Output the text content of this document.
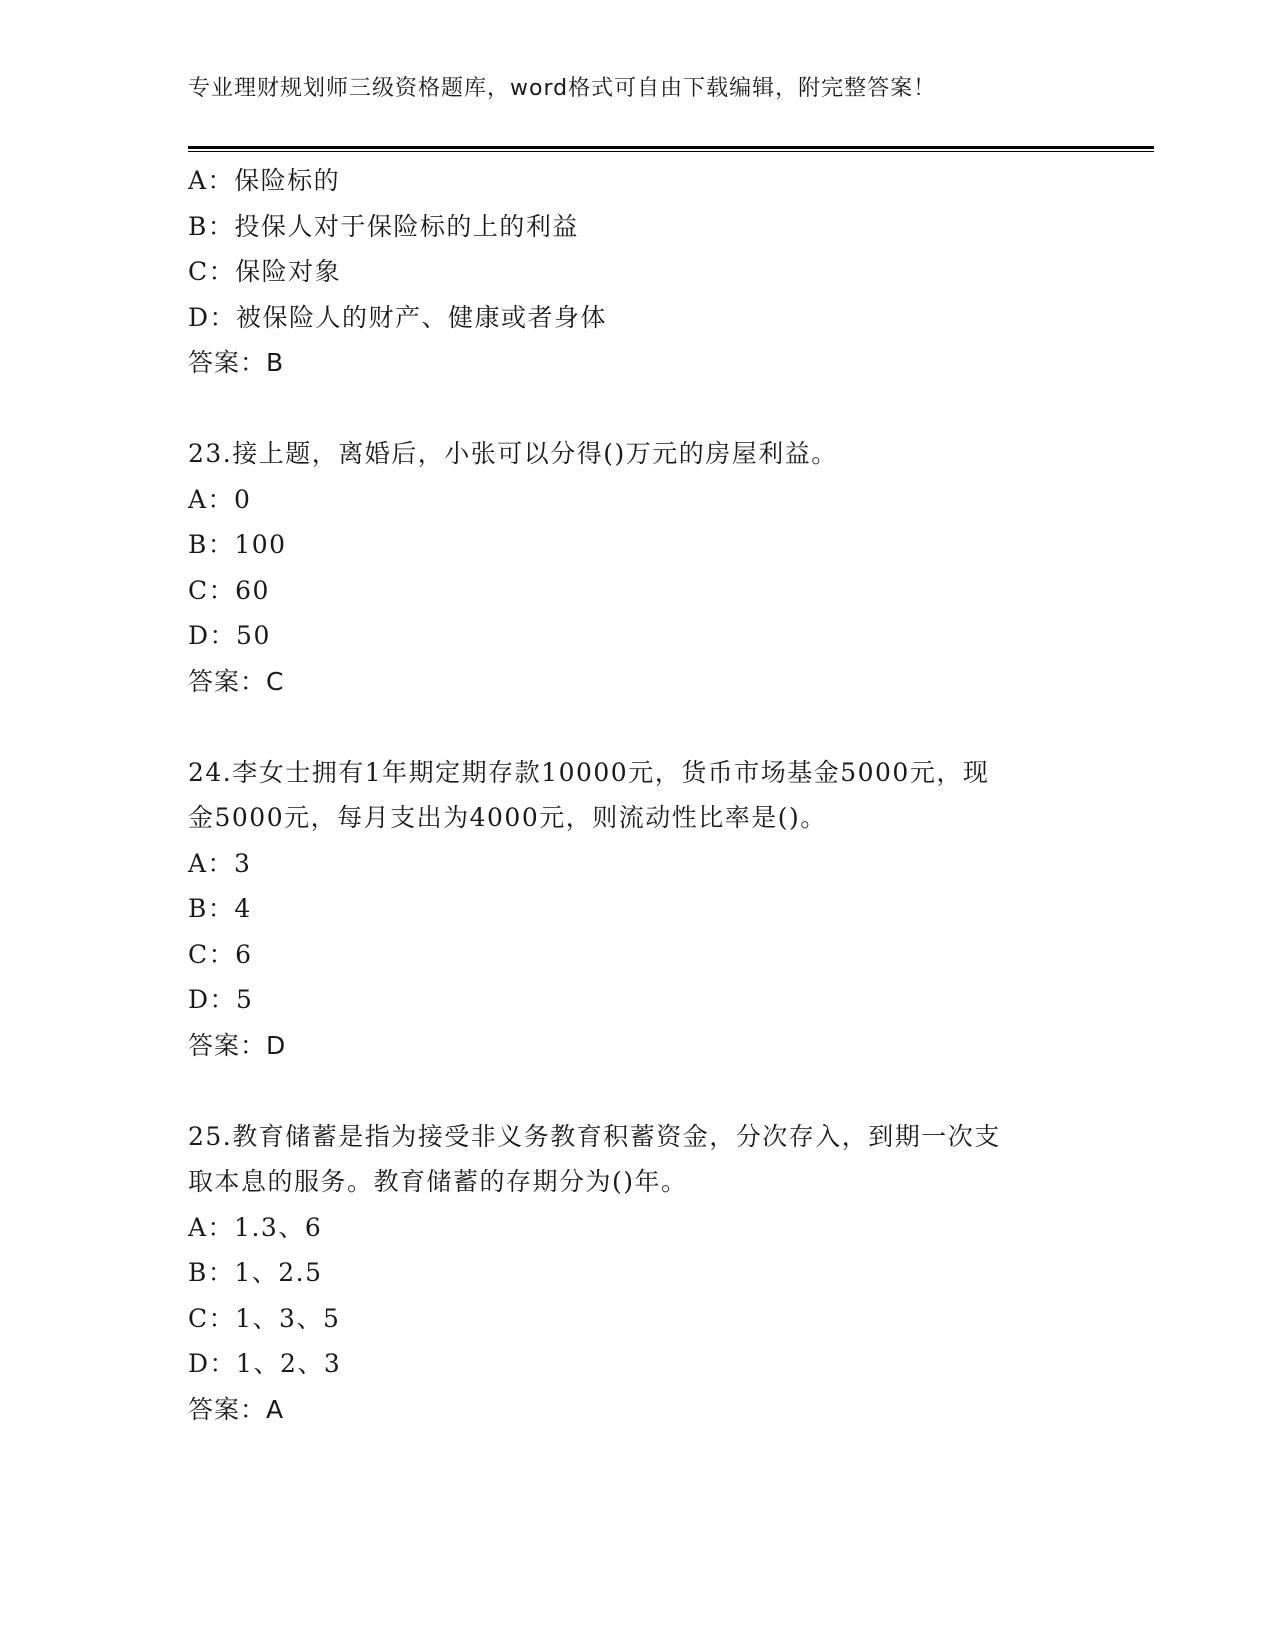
专业理财规划师三级资格题库，word格式可自由下载编辑，附完整答案！
A：保险标的
B：投保人对于保险标的上的利益
C：保险对象
D：被保险人的财产、健康或者身体
答案：B
23.接上题，离婚后，小张可以分得()万元的房屋利益。
A：0
B：100
C：60
D：50
答案：C
24.李女士拥有1年期定期存款10000元，货币市场基金5000元，现
金5000元，每月支出为4000元，则流动性比率是()。
A：3
B：4
C：6
D：5
答案：D
25.教育储蓄是指为接受非义务教育积蓄资金，分次存入，到期一次支
取本息的服务。教育储蓄的存期分为()年。
A：1.3、6
B：1、2.5
C：1、3、5
D：1、2、3
答案：A
